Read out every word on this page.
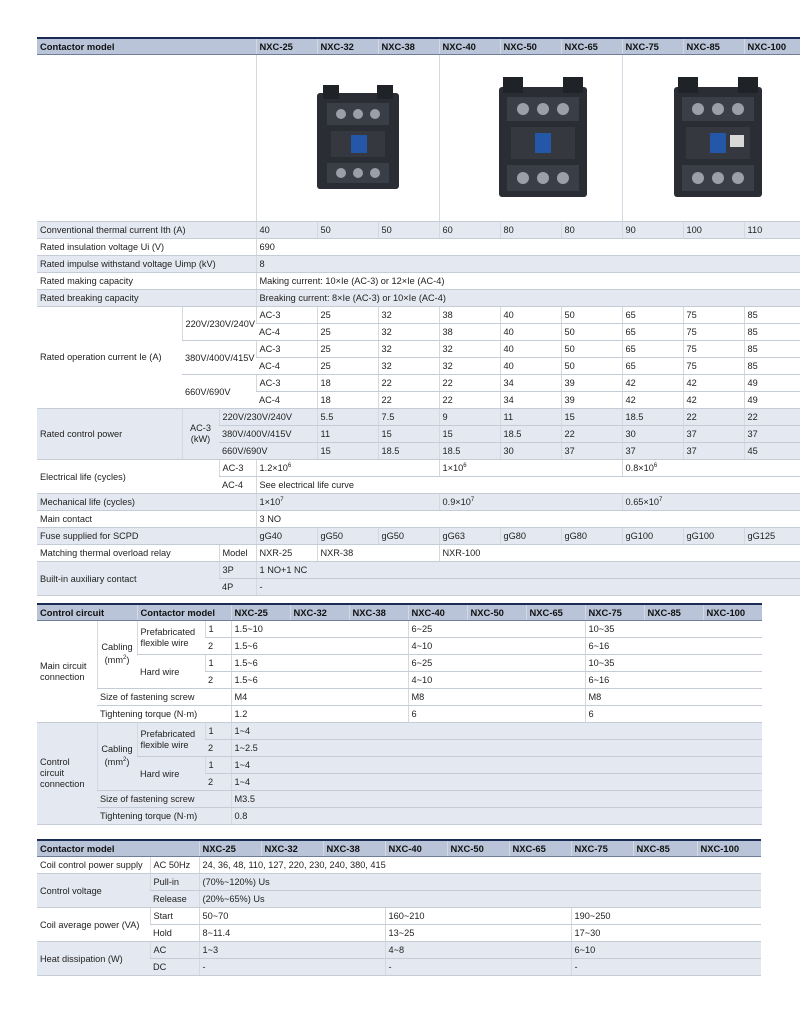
Contactor model			NXC-25	NXC-32	NXC-38	NXC-40	NXC-50	NXC-65	NXC-75	NXC-85	NXC-100	

Conventional thermal current Ith (A)			40	50	50	60	80	80	90	100	110	
Rated insulation voltage Ui (V)			690									
Rated impulse withstand voltage Uimp (kV)			8									
Rated making capacity			Making current: 10×Ie (AC-3) or 12×Ie (AC-4)									
Rated breaking capacity			Breaking current: 8×Ie (AC-3) or 10×Ie (AC-4)									
Rated operation current Ie (A)	220V/230V/240V		AC-3	25	32	38	40	50	65	75	85	
			AC-4	25	32	38	40	50	65	75	85	
	380V/400V/415V		AC-3	25	32	32	40	50	65	75	85	
			AC-4	25	32	32	40	50	65	75	85	
	660V/690V		AC-3	18	22	22	34	39	42	42	49	
			AC-4	18	22	22	34	39	42	42	49	
Rated control power	AC-3 (kW)	220V/230V/240V		5.5	7.5	9	11	15	18.5	22	22	
		380V/400V/415V		11	15	15	18.5	22	30	37	37	
		660V/690V		15	18.5	18.5	30	37	37	37	45	
Electrical life (cycles)		AC-3	$1.2\times 10^6$			$1\times 10^6$			$0.8\times 10^6$
		AC-4	See electrical life curve									
Mechanical life (cycles)			$1\times 10^7$			$0.9\times 10^7$			$0.65\times 10^7$
Main contact			3 NO									
Fuse supplied for SCPD			gG40	gG50	gG50	gG63	gG80	gG80	gG100	gG100	gG125	
Matching thermal overload relay		Model	NXR-25	NXR-38		NXR-100						
Built-in auxiliary contact		3P	1 NO+1 NC									
		4P	-									
Control circuit		Contactor model		NXC-25	NXC-32	NXC-38	NXC-40	NXC-50	NXC-65	NXC-75	NXC-85	NXC-100
Main circuit connection	Cabling $(mm^2)$	Prefabricated flexible wire	1	1.5~10			6~25			10~35		
			2	1.5~6			4~10			6~16		
		Hard wire	1	1.5~6			6~25			10~35		
			2	1.5~6			4~10			6~16		
	Size of fastening screw			M4			M8			M8		
	Tightening torque (N·m)			1.2			6			6		
Control circuit connection	Cabling $(mm^2)$	Prefabricated flexible wire	1	1~4								
			2	1~2.5								
		Hard wire	1	1~4								
			2	1~4								
	Size of fastening screw			M3.5								
	Tightening torque (N·m)			0.8								
Contactor model		NXC-25	NXC-32	NXC-38	NXC-40	NXC-50	NXC-65	NXC-75	NXC-85	NXC-100
Coil control power supply	AC 50Hz	24, 36, 48, 110, 127, 220, 230, 240, 380, 415								
Control voltage	Pull-in	(70%~120%) Us								
	Release	(20%~65%) Us								
Coil average power (VA)	Start	50~70			160~210			190~250		
	Hold	8~11.4			13~25			17~30		
Heat dissipation (W)	AC	1~3			4~8			6~10		
	DC	-			-			-		
